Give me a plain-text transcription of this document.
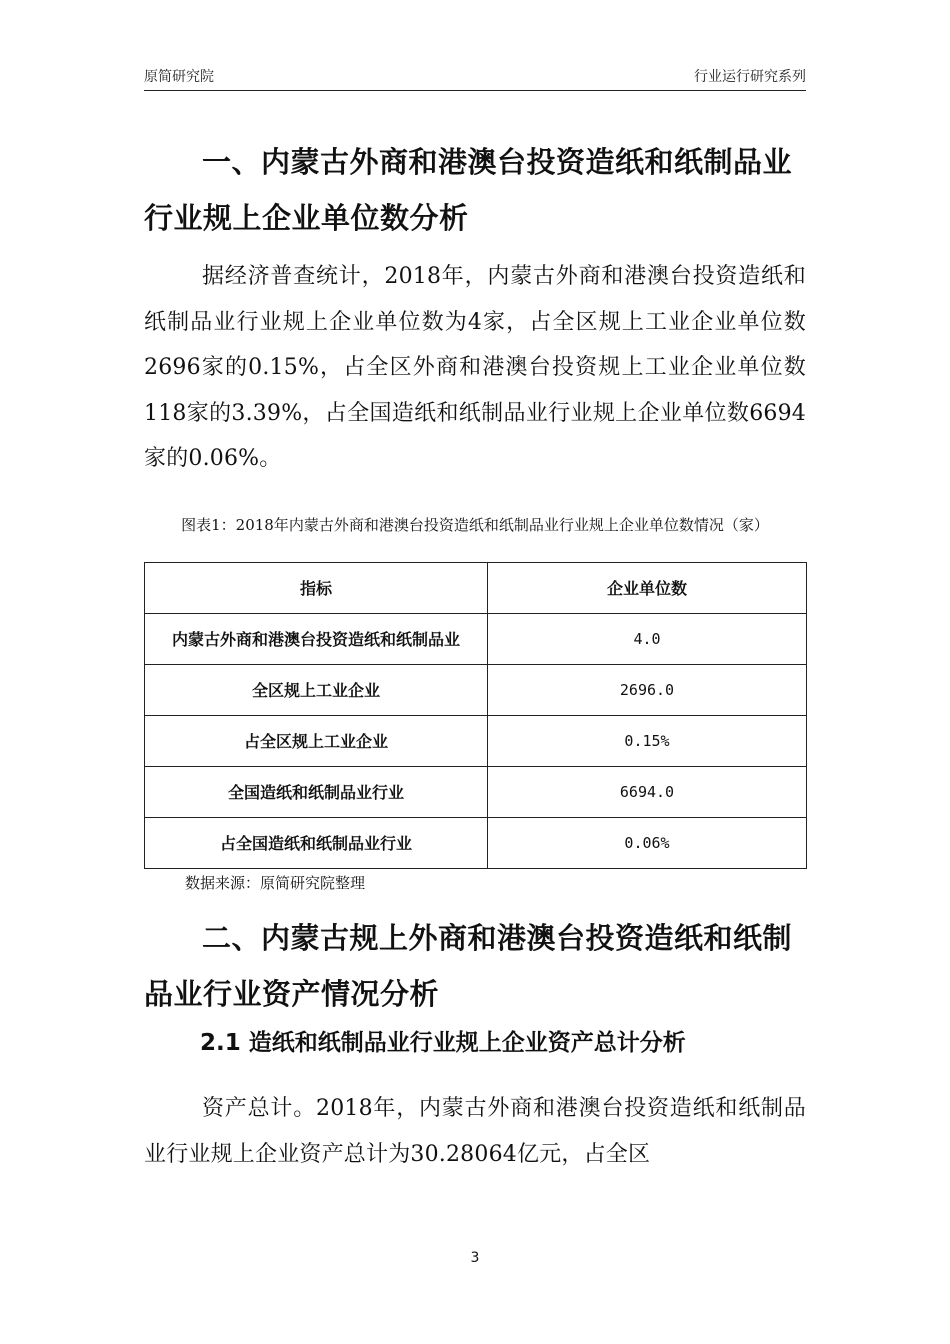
原简研究院	行业运行研究系列
一、内蒙古外商和港澳台投资造纸和纸制品业行业规上企业单位数分析
据经济普查统计，2018年，内蒙古外商和港澳台投资造纸和纸制品业行业规上企业单位数为4家，占全区规上工业企业单位数2696家的0.15%，占全区外商和港澳台投资规上工业企业单位数118家的3.39%，占全国造纸和纸制品业行业规上企业单位数6694家的0.06%。
图表1：2018年内蒙古外商和港澳台投资造纸和纸制品业行业规上企业单位数情况（家）
指标	企业单位数
内蒙古外商和港澳台投资造纸和纸制品业	4.0
全区规上工业企业	2696.0
占全区规上工业企业	0.15%
全国造纸和纸制品业行业	6694.0
占全国造纸和纸制品业行业	0.06%
数据来源：原简研究院整理
二、内蒙古规上外商和港澳台投资造纸和纸制品业行业资产情况分析
2.1 造纸和纸制品业行业规上企业资产总计分析
资产总计。2018年，内蒙古外商和港澳台投资造纸和纸制品业行业规上企业资产总计为30.28064亿元，占全区
3
